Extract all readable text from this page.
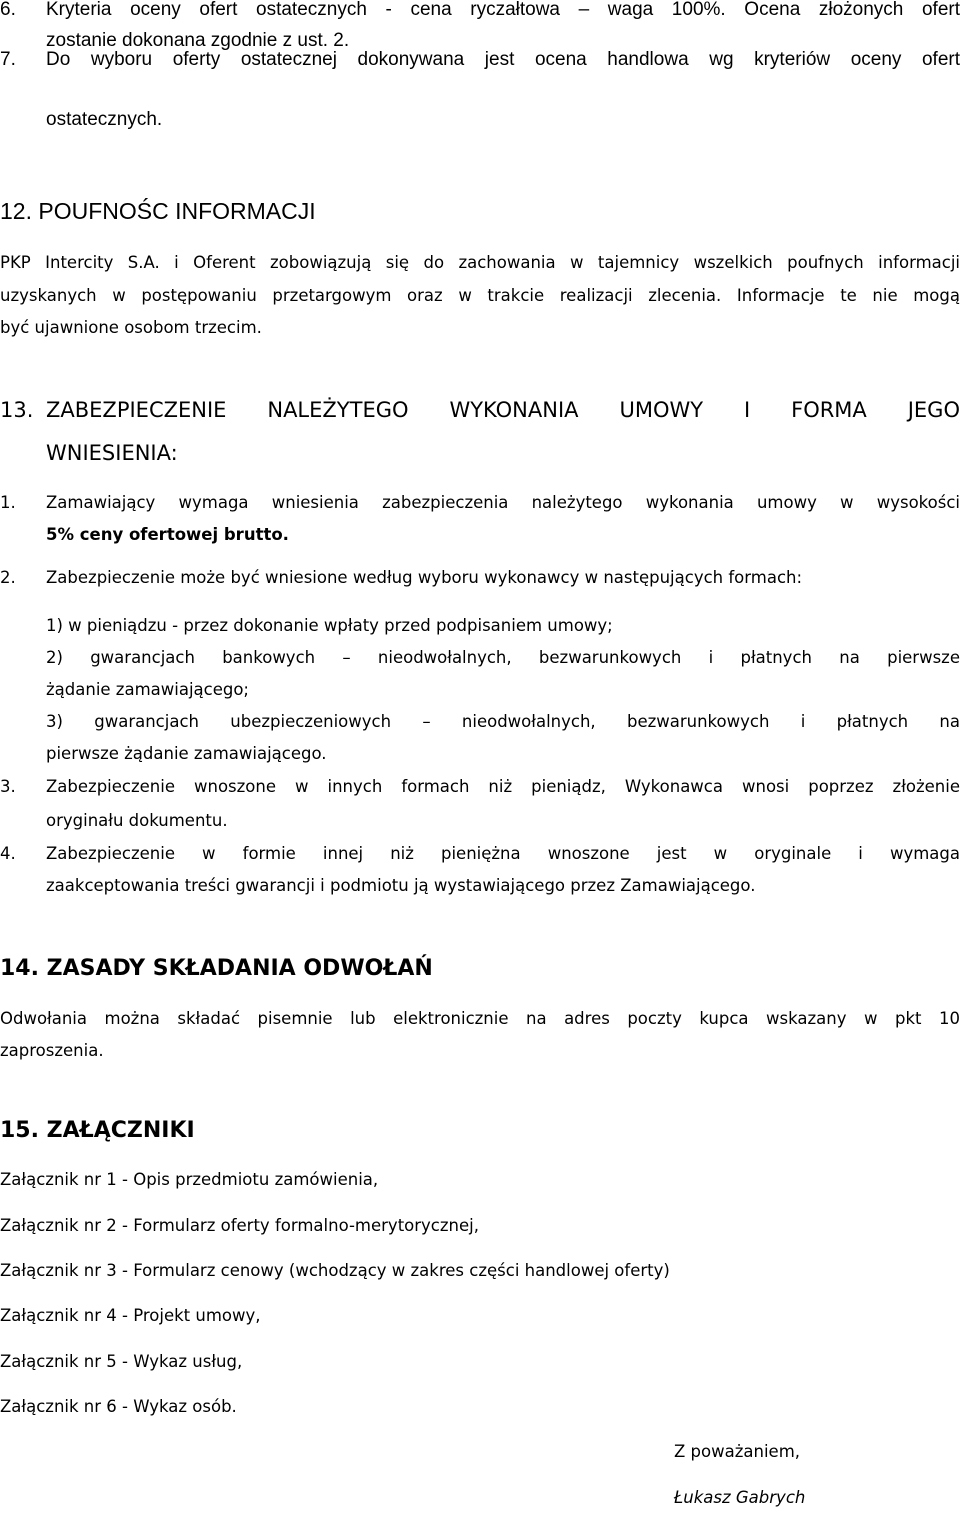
6. Kryteria oceny ofert ostatecznych - cena ryczałtowa – waga 100%. Ocena złożonych ofert
zostanie dokonana zgodnie z ust. 2.
7. Do wyboru oferty ostatecznej dokonywana jest ocena handlowa wg kryteriów oceny ofert
ostatecznych.
12. POUFNOŚC INFORMACJI
PKP Intercity S.A. i Oferent zobowiązują się do zachowania w tajemnicy wszelkich poufnych informacji
uzyskanych w postępowaniu przetargowym oraz w trakcie realizacji zlecenia. Informacje te nie mogą
być ujawnione osobom trzecim.
13. ZABEZPIECZENIE NALEŻYTEGO WYKONANIA UMOWY I FORMA JEGO
WNIESIENIA:
1. Zamawiający wymaga wniesienia zabezpieczenia należytego wykonania umowy w wysokości
5% ceny ofertowej brutto.
2. Zabezpieczenie może być wniesione według wyboru wykonawcy w następujących formach:
1) w pieniądzu - przez dokonanie wpłaty przed podpisaniem umowy;
2) gwarancjach bankowych – nieodwołalnych, bezwarunkowych i płatnych na pierwsze
żądanie zamawiającego;
3) gwarancjach ubezpieczeniowych – nieodwołalnych, bezwarunkowych i płatnych na
pierwsze żądanie zamawiającego.
3. Zabezpieczenie wnoszone w innych formach niż pieniądz, Wykonawca wnosi poprzez złożenie
oryginału dokumentu.
4. Zabezpieczenie w formie innej niż pieniężna wnoszone jest w oryginale i wymaga
zaakceptowania treści gwarancji i podmiotu ją wystawiającego przez Zamawiającego.
14. ZASADY SKŁADANIA ODWOŁAŃ
Odwołania można składać pisemnie lub elektronicznie na adres poczty kupca wskazany w pkt 10
zaproszenia.
15. ZAŁĄCZNIKI
Załącznik nr 1 - Opis przedmiotu zamówienia,
Załącznik nr 2 - Formularz oferty formalno-merytorycznej,
Załącznik nr 3 - Formularz cenowy (wchodzący w zakres części handlowej oferty)
Załącznik nr 4 - Projekt umowy,
Załącznik nr 5 - Wykaz usług,
Załącznik nr 6 - Wykaz osób.
Z poważaniem,
Łukasz Gabrych
